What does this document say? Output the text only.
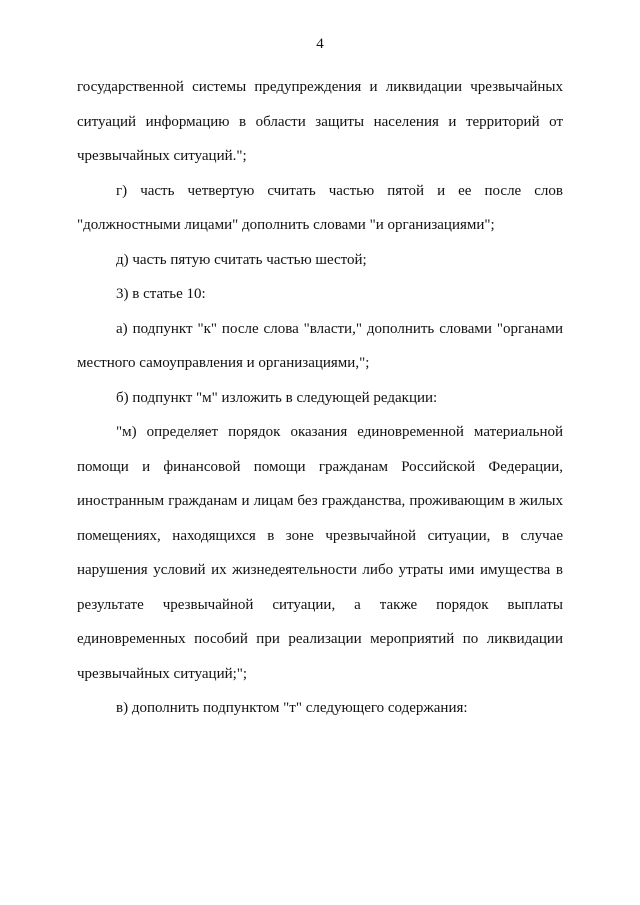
4

государственной системы предупреждения и ликвидации чрезвычайных ситуаций информацию в области защиты населения и территорий от чрезвычайных ситуаций.";

г) часть четвертую считать частью пятой и ее после слов "должностными лицами" дополнить словами "и организациями";

д) часть пятую считать частью шестой;

3) в статье 10:

а) подпункт "к" после слова "власти," дополнить словами "органами местного самоуправления и организациями,";

б) подпункт "м" изложить в следующей редакции:

"м) определяет порядок оказания единовременной материальной помощи и финансовой помощи гражданам Российской Федерации, иностранным гражданам и лицам без гражданства, проживающим в жилых помещениях, находящихся в зоне чрезвычайной ситуации, в случае нарушения условий их жизнедеятельности либо утраты ими имущества в результате чрезвычайной ситуации, а также порядок выплаты единовременных пособий при реализации мероприятий по ликвидации чрезвычайных ситуаций;";

в) дополнить подпунктом "т" следующего содержания:
